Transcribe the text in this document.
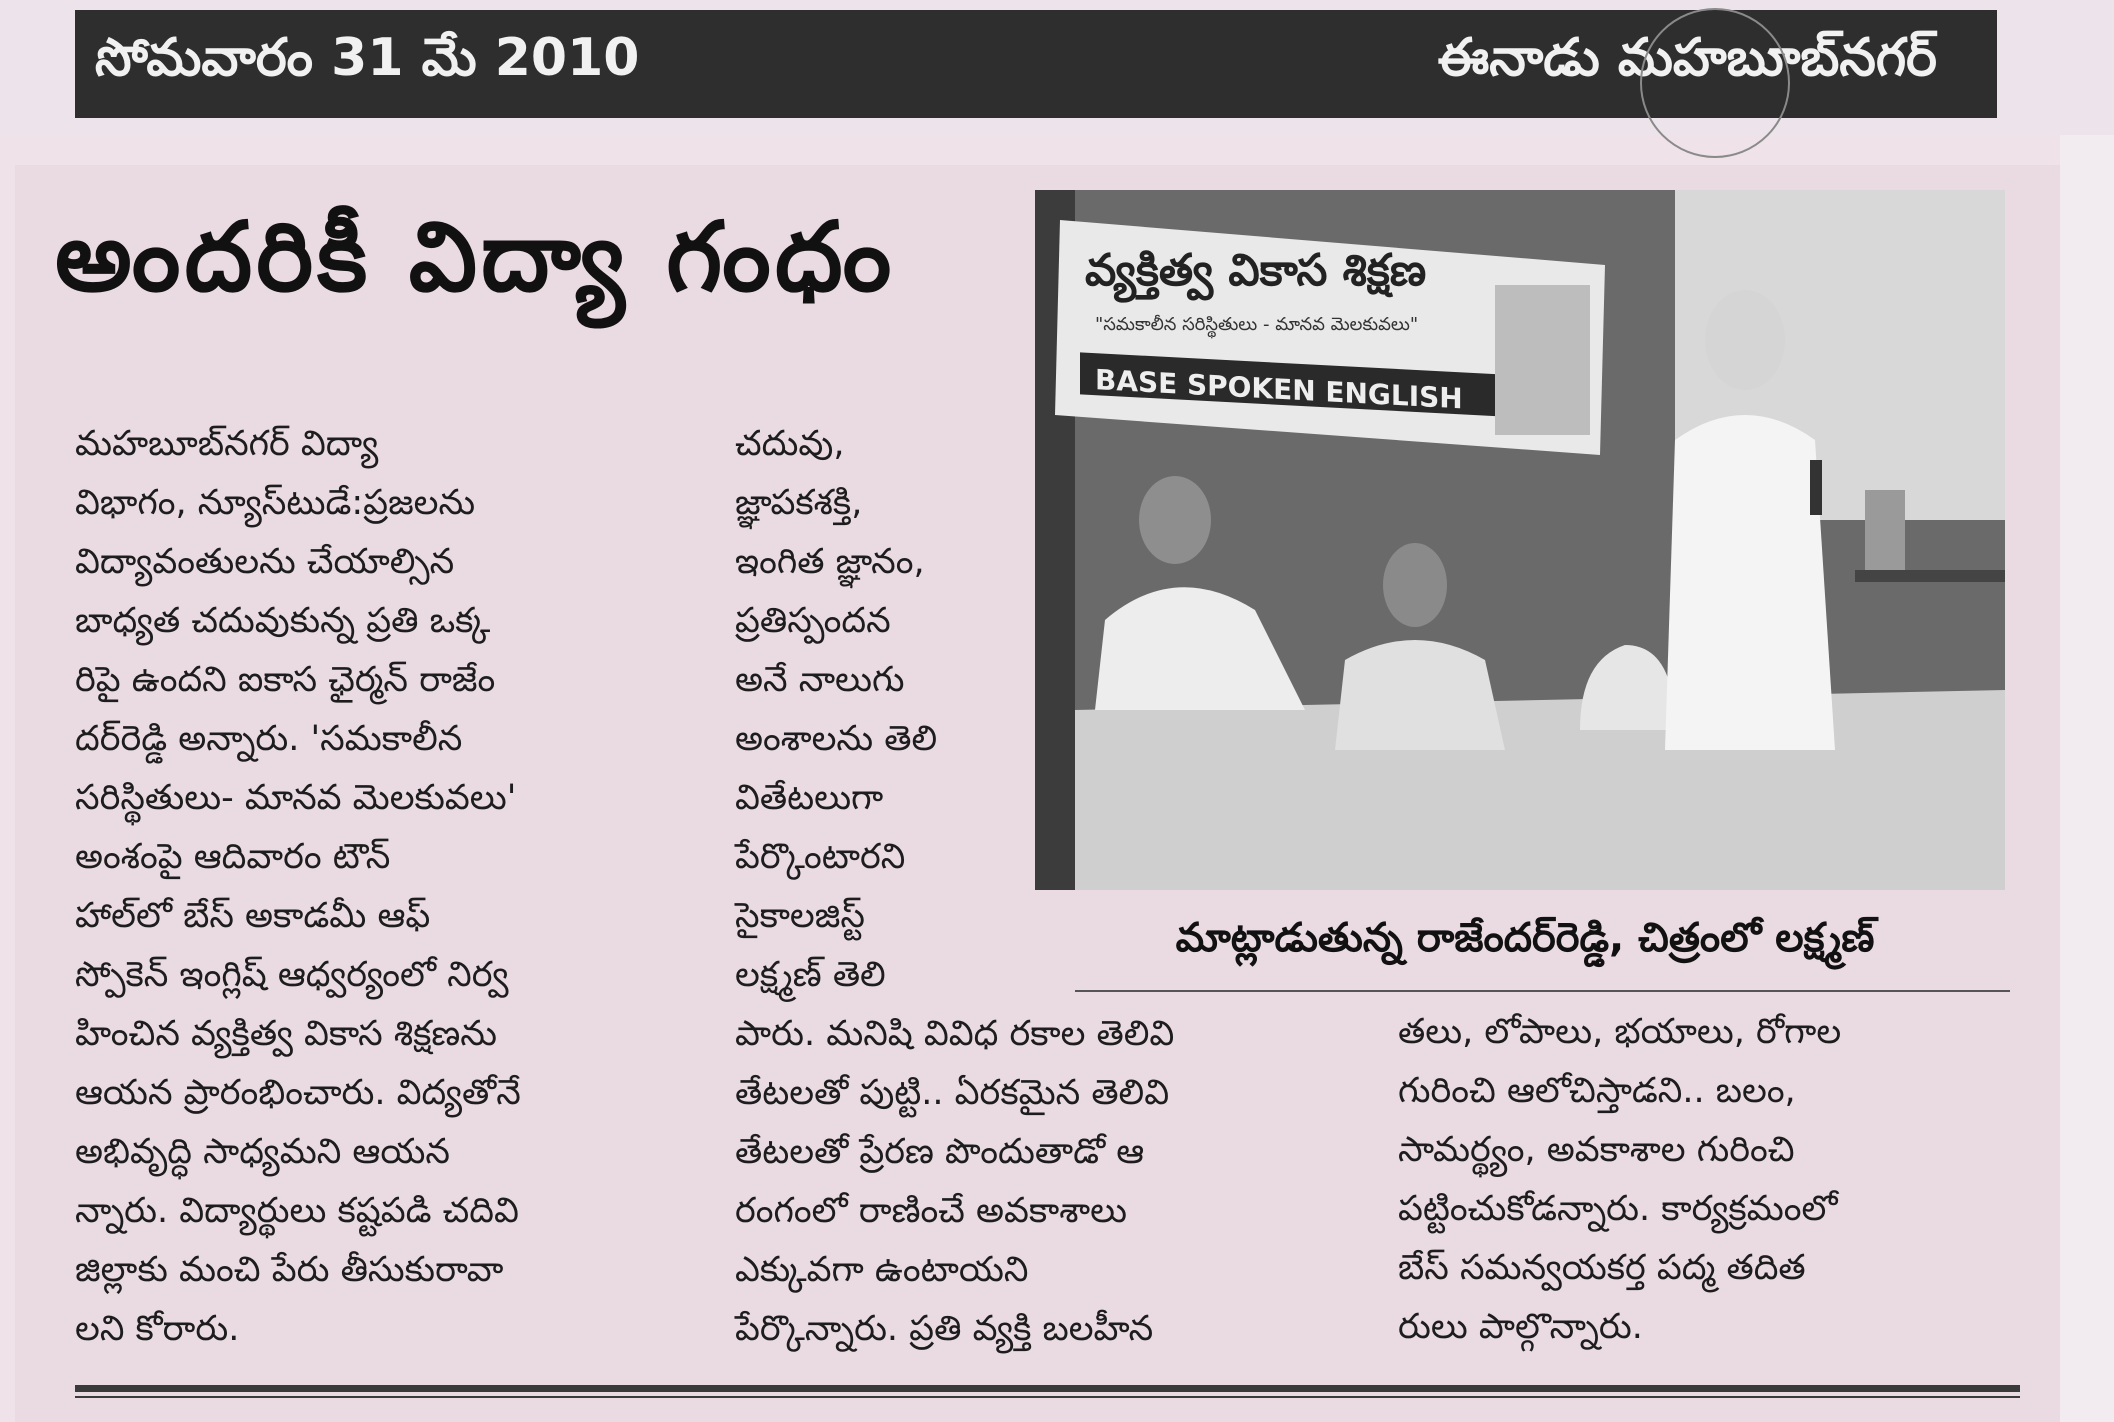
సోమవారం 31 మే 2010	ఈనాడు మహబూబ్‌నగర్
అందరికీ విద్యా గంధం
మహబూబ్‌నగర్ విద్యా
విభాగం, న్యూస్‌టుడే:ప్రజలను
విద్యావంతులను చేయాల్సిన
బాధ్యత చదువుకున్న ప్రతి ఒక్క
రిపై ఉందని ఐకాస ఛైర్మన్ రాజేం
దర్‌రెడ్డి అన్నారు. 'సమకాలీన
సరిస్థితులు- మానవ మెలకువలు'
అంశంపై ఆదివారం టౌన్
హాల్‌లో బేస్ అకాడమీ ఆఫ్
స్పోకెన్ ఇంగ్లిష్ ఆధ్వర్యంలో నిర్వ
హించిన వ్యక్తిత్వ వికాస శిక్షణను
ఆయన ప్రారంభించారు. విద్యతోనే
అభివృద్ధి సాధ్యమని ఆయన
న్నారు. విద్యార్థులు కష్టపడి చదివి
జిల్లాకు మంచి పేరు తీసుకురావా
లని కోరారు.
చదువు,
జ్ఞాపకశక్తి,
ఇంగిత జ్ఞానం,
ప్రతిస్పందన
అనే నాలుగు
అంశాలను తెలి
వితేటలుగా
పేర్కొంటారని
సైకాలజిస్ట్
లక్ష్మణ్ తెలి
పారు. మనిషి వివిధ రకాల తెలివి
తేటలతో పుట్టి.. ఏరకమైన తెలివి
తేటలతో ప్రేరణ పొందుతాడో ఆ
రంగంలో రాణించే అవకాశాలు
ఎక్కువగా ఉంటాయని
పేర్కొన్నారు. ప్రతి వ్యక్తి బలహీన
తలు, లోపాలు, భయాలు, రోగాల
గురించి ఆలోచిస్తాడని.. బలం,
సామర్థ్యం, అవకాశాల గురించి
పట్టించుకోడన్నారు. కార్యక్రమంలో
బేస్ సమన్వయకర్త పద్మ తదిత
రులు పాల్గొన్నారు.
వ్యక్తిత్వ వికాస శిక్షణ
"సమకాలీన సరిస్థితులు - మానవ మెలకువలు"
BASE SPOKEN ENGLISH
మాట్లాడుతున్న రాజేందర్‌రెడ్డి, చిత్రంలో లక్ష్మణ్
